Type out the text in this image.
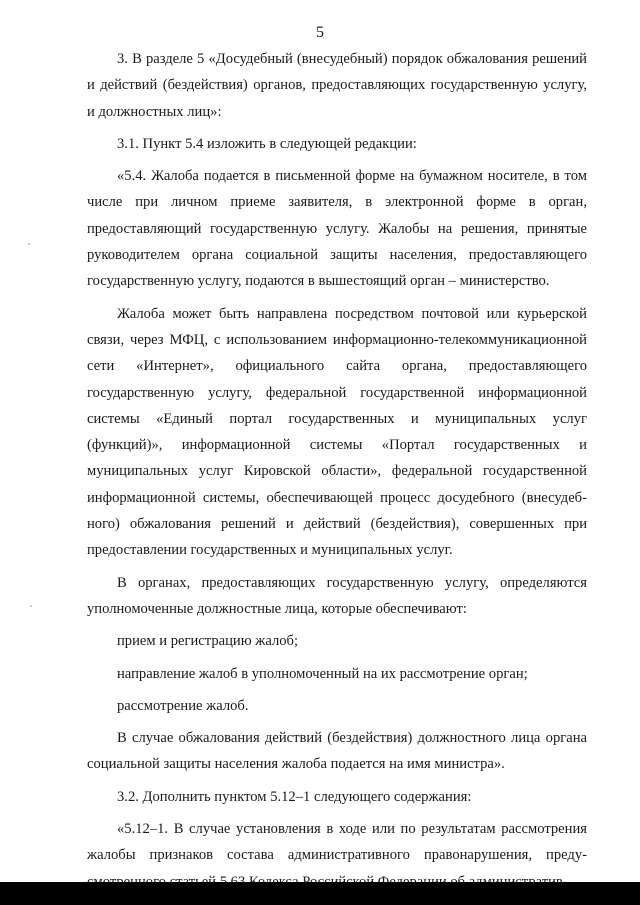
5

3. В разделе 5 «Досудебный (внесудебный) порядок обжалования решений и действий (бездействия) органов, предоставляющих государственную услугу, и должностных лиц»:

3.1. Пункт 5.4 изложить в следующей редакции:

«5.4. Жалоба подается в письменной форме на бумажном носителе, в том числе при личном приеме заявителя, в электронной форме в орган, предоставляющий государственную услугу. Жалобы на решения, принятые руководителем органа социальной защиты населения, предоставляющего государственную услугу, подаются в вышестоящий орган – министерство.

Жалоба может быть направлена посредством почтовой или курьерской связи, через МФЦ, с использованием информационно-телекоммуникационной сети «Интернет», официального сайта органа, предоставляющего государственную услугу, федеральной государственной информационной системы «Единый портал государственных и муниципальных услуг (функций)», информационной системы «Портал государственных и муниципальных услуг Кировской области», федеральной государственной информационной системы, обеспечивающей процесс досудебного (внесудебного) обжалования решений и действий (бездействия), совершенных при предоставлении государственных и муниципальных услуг.

В органах, предоставляющих государственную услугу, определяются уполномоченные должностные лица, которые обеспечивают:

прием и регистрацию жалоб;

направление жалоб в уполномоченный на их рассмотрение орган;

рассмотрение жалоб.

В случае обжалования действий (бездействия) должностного лица органа социальной защиты населения жалоба подается на имя министра».

3.2. Дополнить пунктом 5.12–1 следующего содержания:

«5.12–1. В случае установления в ходе или по результатам рассмотрения жалобы признаков состава административного правонарушения, преду
